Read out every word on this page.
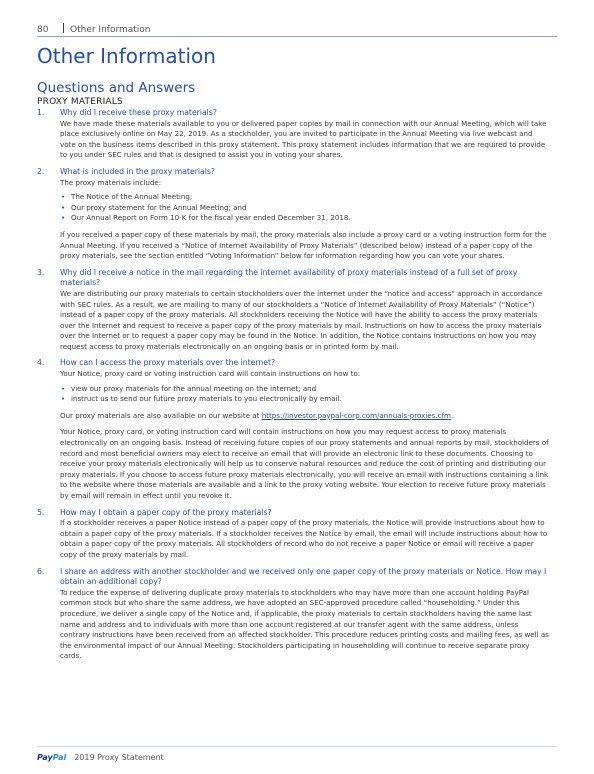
80 Other Information
Other Information
Questions and Answers
PROXY MATERIALS
1. Why did I receive these proxy materials?
We have made these materials available to you or delivered paper copies by mail in connection with our Annual Meeting, which will take place exclusively online on May 22, 2019. As a stockholder, you are invited to participate in the Annual Meeting via live webcast and vote on the business items described in this proxy statement. This proxy statement includes information that we are required to provide to you under SEC rules and that is designed to assist you in voting your shares.
2. What is included in the proxy materials?
The proxy materials include:
• The Notice of the Annual Meeting;
• Our proxy statement for the Annual Meeting; and
• Our Annual Report on Form 10-K for the fiscal year ended December 31, 2018.
If you received a paper copy of these materials by mail, the proxy materials also include a proxy card or a voting instruction form for the Annual Meeting. If you received a “Notice of Internet Availability of Proxy Materials” (described below) instead of a paper copy of the proxy materials, see the section entitled “Voting Information” below for information regarding how you can vote your shares.
3. Why did I receive a notice in the mail regarding the internet availability of proxy materials instead of a full set of proxy materials?
We are distributing our proxy materials to certain stockholders over the internet under the “notice and access” approach in accordance with SEC rules. As a result, we are mailing to many of our stockholders a “Notice of Internet Availability of Proxy Materials” (“Notice”) instead of a paper copy of the proxy materials. All stockholders receiving the Notice will have the ability to access the proxy materials over the Internet and request to receive a paper copy of the proxy materials by mail. Instructions on how to access the proxy materials over the Internet or to request a paper copy may be found in the Notice. In addition, the Notice contains instructions on how you may request access to proxy materials electronically on an ongoing basis or in printed form by mail.
4. How can I access the proxy materials over the internet?
Your Notice, proxy card or voting instruction card will contain instructions on how to:
• view our proxy materials for the annual meeting on the internet; and
• instruct us to send our future proxy materials to you electronically by email.
Our proxy materials are also available on our website at https://investor.paypal-corp.com/annuals-proxies.cfm.
Your Notice, proxy card, or voting instruction card will contain instructions on how you may request access to proxy materials electronically on an ongoing basis. Instead of receiving future copies of our proxy statements and annual reports by mail, stockholders of record and most beneficial owners may elect to receive an email that will provide an electronic link to these documents. Choosing to receive your proxy materials electronically will help us to conserve natural resources and reduce the cost of printing and distributing our proxy materials. If you choose to access future proxy materials electronically, you will receive an email with instructions containing a link to the website where those materials are available and a link to the proxy voting website. Your election to receive future proxy materials by email will remain in effect until you revoke it.
5. How may I obtain a paper copy of the proxy materials?
If a stockholder receives a paper Notice instead of a paper copy of the proxy materials, the Notice will provide instructions about how to obtain a paper copy of the proxy materials. If a stockholder receives the Notice by email, the email will include instructions about how to obtain a paper copy of the proxy materials. All stockholders of record who do not receive a paper Notice or email will receive a paper copy of the proxy materials by mail.
6. I share an address with another stockholder and we received only one paper copy of the proxy materials or Notice. How may I obtain an additional copy?
To reduce the expense of delivering duplicate proxy materials to stockholders who may have more than one account holding PayPal common stock but who share the same address, we have adopted an SEC-approved procedure called “householding.” Under this procedure, we deliver a single copy of the Notice and, if applicable, the proxy materials to certain stockholders having the same last name and address and to individuals with more than one account registered at our transfer agent with the same address, unless contrary instructions have been received from an affected stockholder. This procedure reduces printing costs and mailing fees, as well as the environmental impact of our Annual Meeting. Stockholders participating in householding will continue to receive separate proxy cards.
PayPal 2019 Proxy Statement
